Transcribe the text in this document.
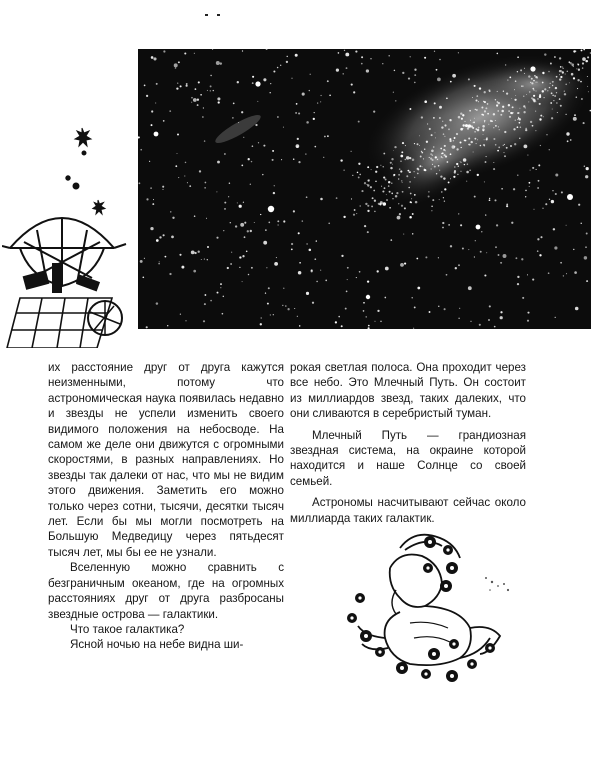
их расстояние друг от друга кажутся неизменными, потому что астрономическая наука появилась недавно и звезды не успели изменить своего видимого положения на небосводе. На самом же деле они движутся с огромными скоростями, в разных направлениях. Но звезды так далеки от нас, что мы не видим этого движения. Заметить его можно только через сотни, тысячи, десятки тысяч лет. Если бы мы могли посмотреть на Большую Медведицу через пятьдесят тысяч лет, мы бы ее не узнали.

Вселенную можно сравнить с безграничным океаном, где на огромных расстояниях друг от друга разбросаны звездные острова — галактики.

Что такое галактика?

Ясной ночью на небе видна ши-

рокая светлая полоса. Она проходит через все небо. Это Млечный Путь. Он состоит из миллиардов звезд, таких далеких, что они сливаются в серебристый туман.

Млечный Путь — грандиозная звездная система, на окраине которой находится и наше Солнце со своей семьей.

Астрономы насчитывают сейчас около миллиарда таких галактик.
